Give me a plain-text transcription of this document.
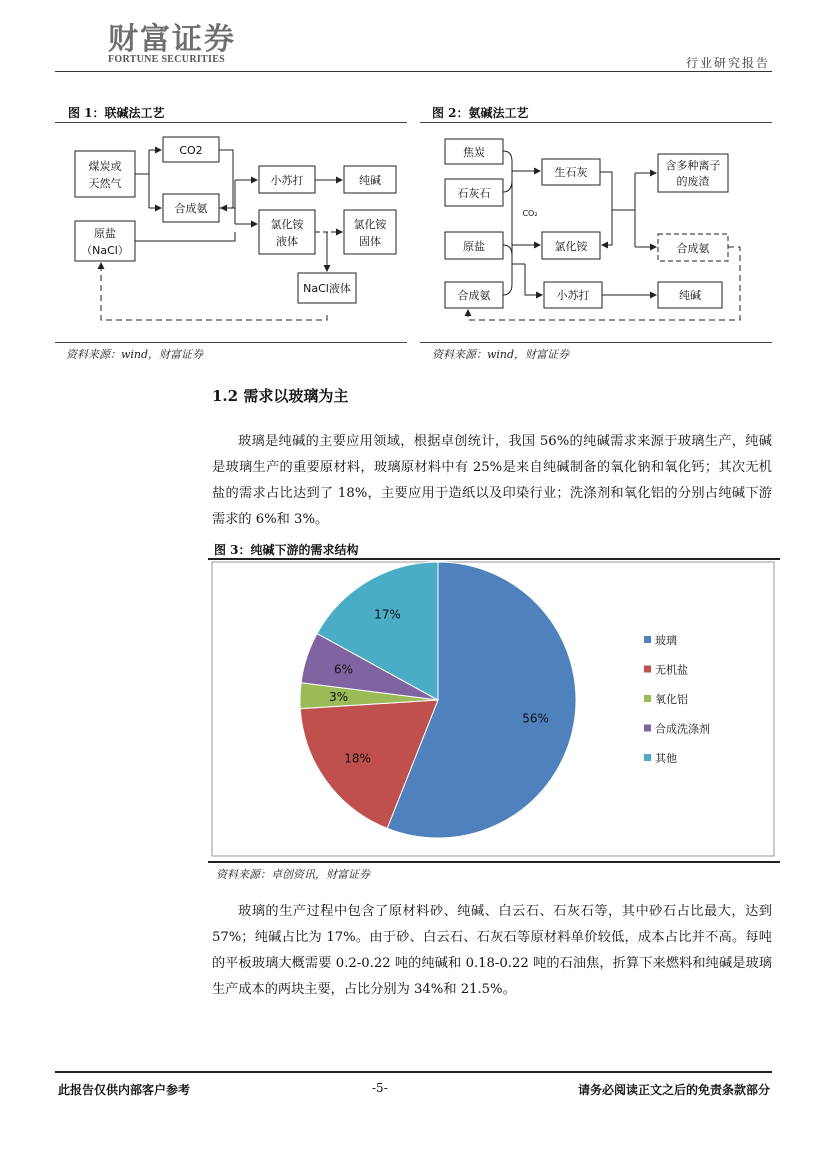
财富证券
FORTUNE SECURITIES	行业研究报告
图 1：联碱法工艺
煤炭或
天然气
CO2
合成氨
小苏打	纯碱
原盐
（NaCl）
氯化铵
液体
氯化铵
固体
NaCl液体
资料来源：wind，财富证券
图 2：氨碱法工艺
焦炭
石灰石
生石灰
含多种离子
的废渣
CO₂
原盐	氯化铵	合成氨
合成氨	小苏打	纯碱
资料来源：wind，财富证券
1.2 需求以玻璃为主
玻璃是纯碱的主要应用领域，根据卓创统计，我国 56%的纯碱需求来源于玻璃生产，纯碱是玻璃生产的重要原材料，玻璃原材料中有 25%是来自纯碱制备的氧化钠和氧化钙；其次无机盐的需求占比达到了 18%，主要应用于造纸以及印染行业；洗涤剂和氧化铝的分别占纯碱下游需求的 6%和 3%。
图 3：纯碱下游的需求结构
56%
18%
3%
6%
17%
玻璃
无机盐
氧化铝
合成洗涤剂
其他
资料来源：卓创资讯，财富证券
玻璃的生产过程中包含了原材料砂、纯碱、白云石、石灰石等，其中砂石占比最大，达到 57%；纯碱占比为 17%。由于砂、白云石、石灰石等原材料单价较低，成本占比并不高。每吨的平板玻璃大概需要 0.2-0.22 吨的纯碱和 0.18-0.22 吨的石油焦，折算下来燃料和纯碱是玻璃生产成本的两块主要，占比分别为 34%和 21.5%。
此报告仅供内部客户参考	-5-	请务必阅读正文之后的免责条款部分
